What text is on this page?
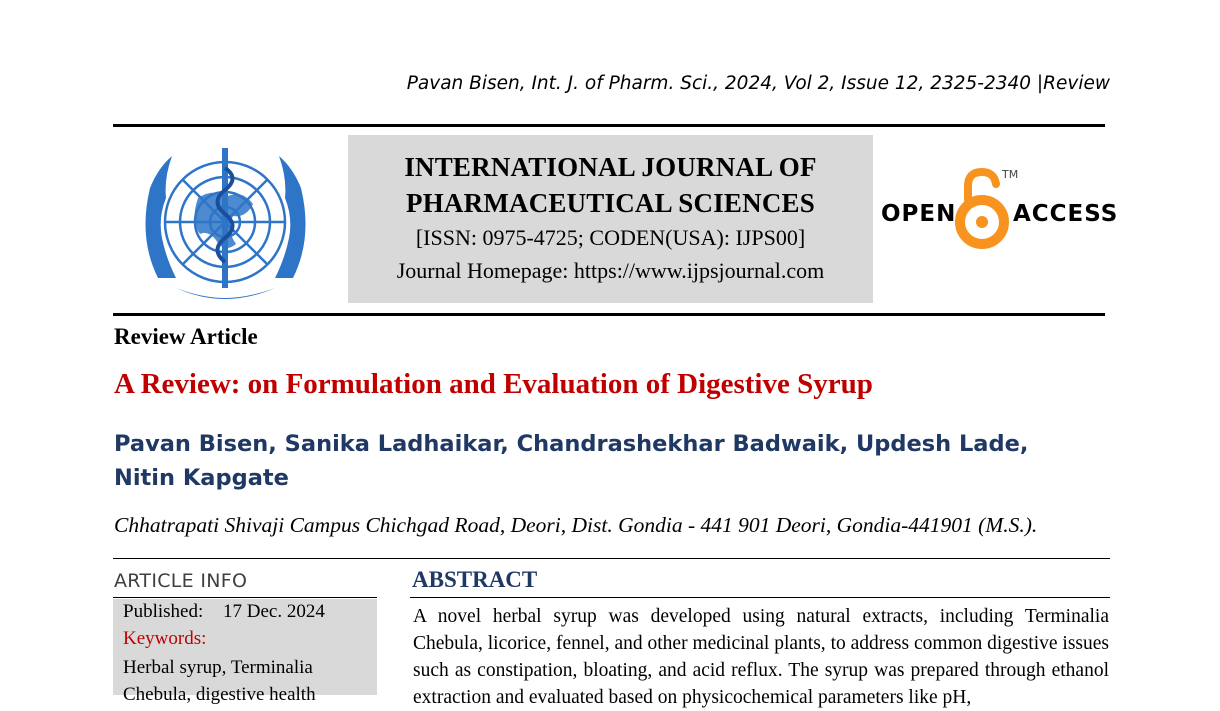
Pavan Bisen, Int. J. of Pharm. Sci., 2024, Vol 2, Issue 12, 2325-2340 |Review
INTERNATIONAL JOURNAL OF
PHARMACEUTICAL SCIENCES
[ISSN: 0975-4725; CODEN(USA): IJPS00]
Journal Homepage: https://www.ijpsjournal.com
OPEN
TM
ACCESS
Review Article
A Review: on Formulation and Evaluation of Digestive Syrup
Pavan Bisen, Sanika Ladhaikar, Chandrashekhar Badwaik, Updesh Lade, Nitin Kapgate
Chhatrapati Shivaji Campus Chichgad Road, Deori, Dist. Gondia - 441 901 Deori, Gondia-441901 (M.S.).
ARTICLE INFO
Published: 17 Dec. 2024
Keywords:
Herbal syrup, Terminalia Chebula, digestive health
ABSTRACT
A novel herbal syrup was developed using natural extracts, including Terminalia Chebula, licorice, fennel, and other medicinal plants, to address common digestive issues such as constipation, bloating, and acid reflux. The syrup was prepared through ethanol extraction and evaluated based on physicochemical parameters like pH,
